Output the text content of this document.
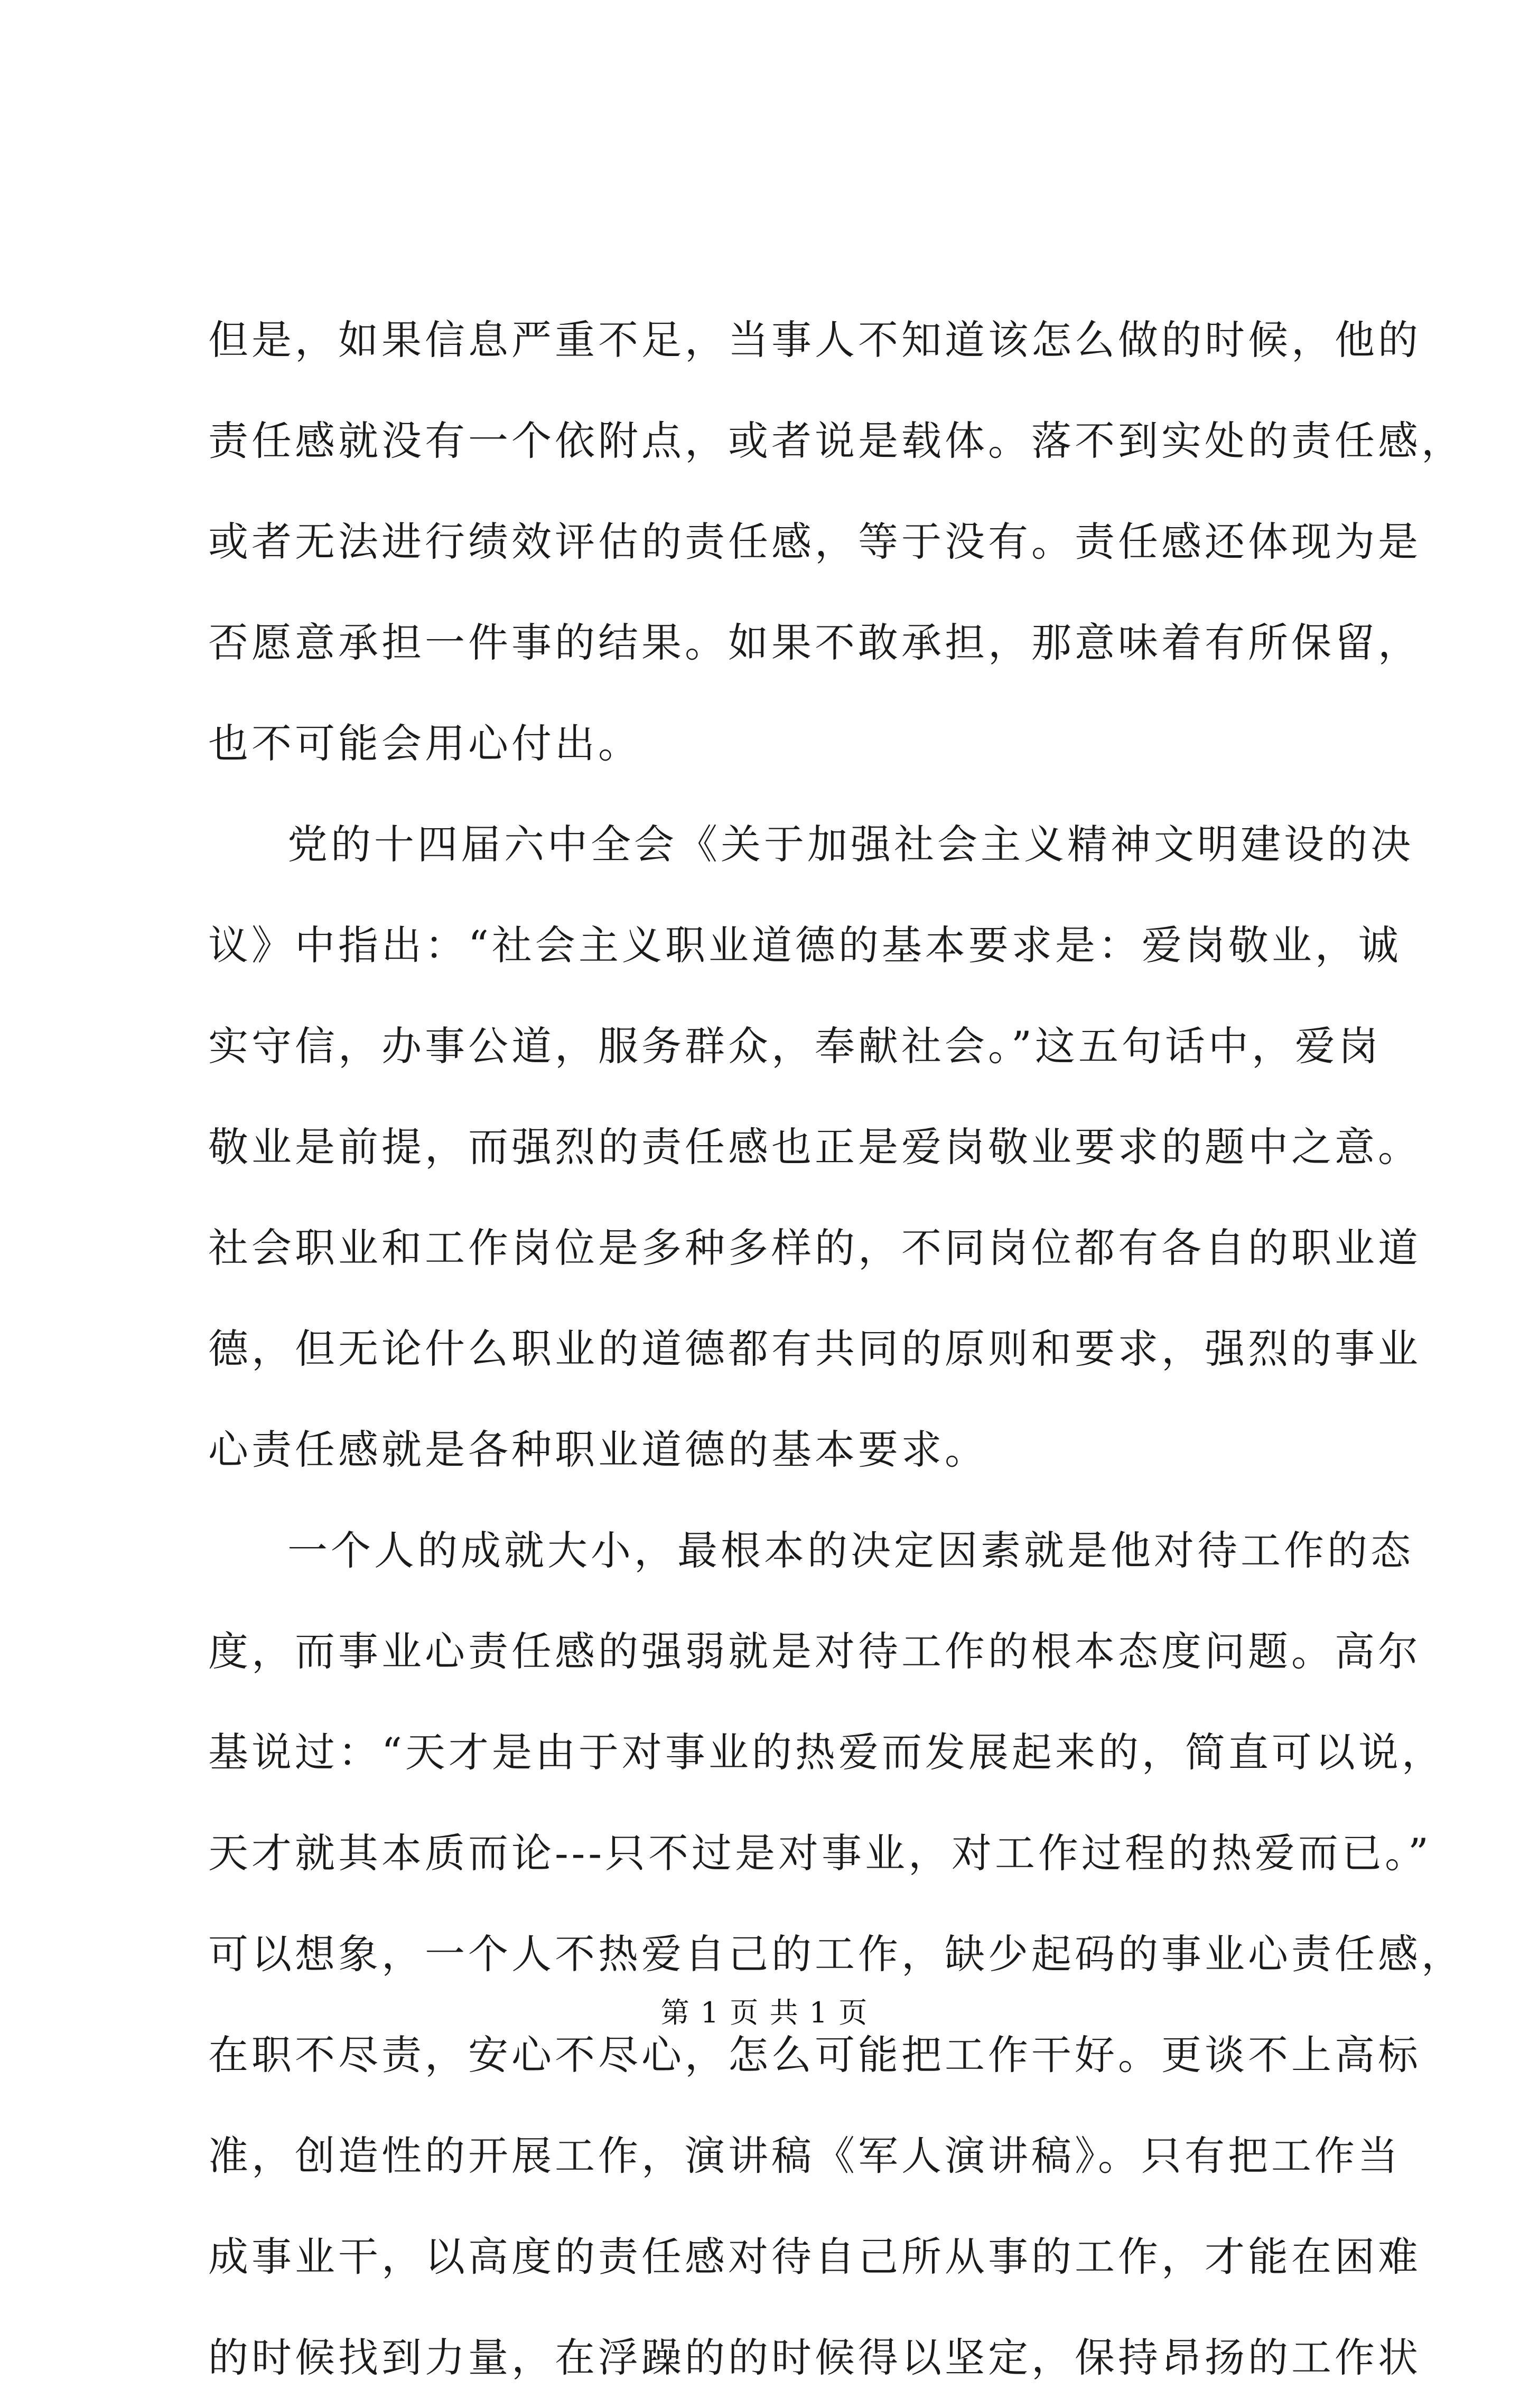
但是，如果信息严重不足，当事人不知道该怎么做的时候，他的
责任感就没有一个依附点，或者说是载体。落不到实处的责任感，
或者无法进行绩效评估的责任感，等于没有。责任感还体现为是
否愿意承担一件事的结果。如果不敢承担，那意味着有所保留，
也不可能会用心付出。
党的十四届六中全会《关于加强社会主义精神文明建设的决
议》中指出：“社会主义职业道德的基本要求是：爱岗敬业，诚
实守信，办事公道，服务群众，奉献社会。”这五句话中，爱岗
敬业是前提，而强烈的责任感也正是爱岗敬业要求的题中之意。
社会职业和工作岗位是多种多样的，不同岗位都有各自的职业道
德，但无论什么职业的道德都有共同的原则和要求，强烈的事业
心责任感就是各种职业道德的基本要求。
一个人的成就大小，最根本的决定因素就是他对待工作的态
度，而事业心责任感的强弱就是对待工作的根本态度问题。高尔
基说过：“天才是由于对事业的热爱而发展起来的，简直可以说，
天才就其本质而论---只不过是对事业，对工作过程的热爱而已。”
可以想象，一个人不热爱自己的工作，缺少起码的事业心责任感，
在职不尽责，安心不尽心，怎么可能把工作干好。更谈不上高标
准，创造性的开展工作，演讲稿《军人演讲稿》。只有把工作当
成事业干，以高度的责任感对待自己所从事的工作，才能在困难
的时候找到力量，在浮躁的的时候得以坚定，保持昂扬的工作状
第 1 页 共 1 页
